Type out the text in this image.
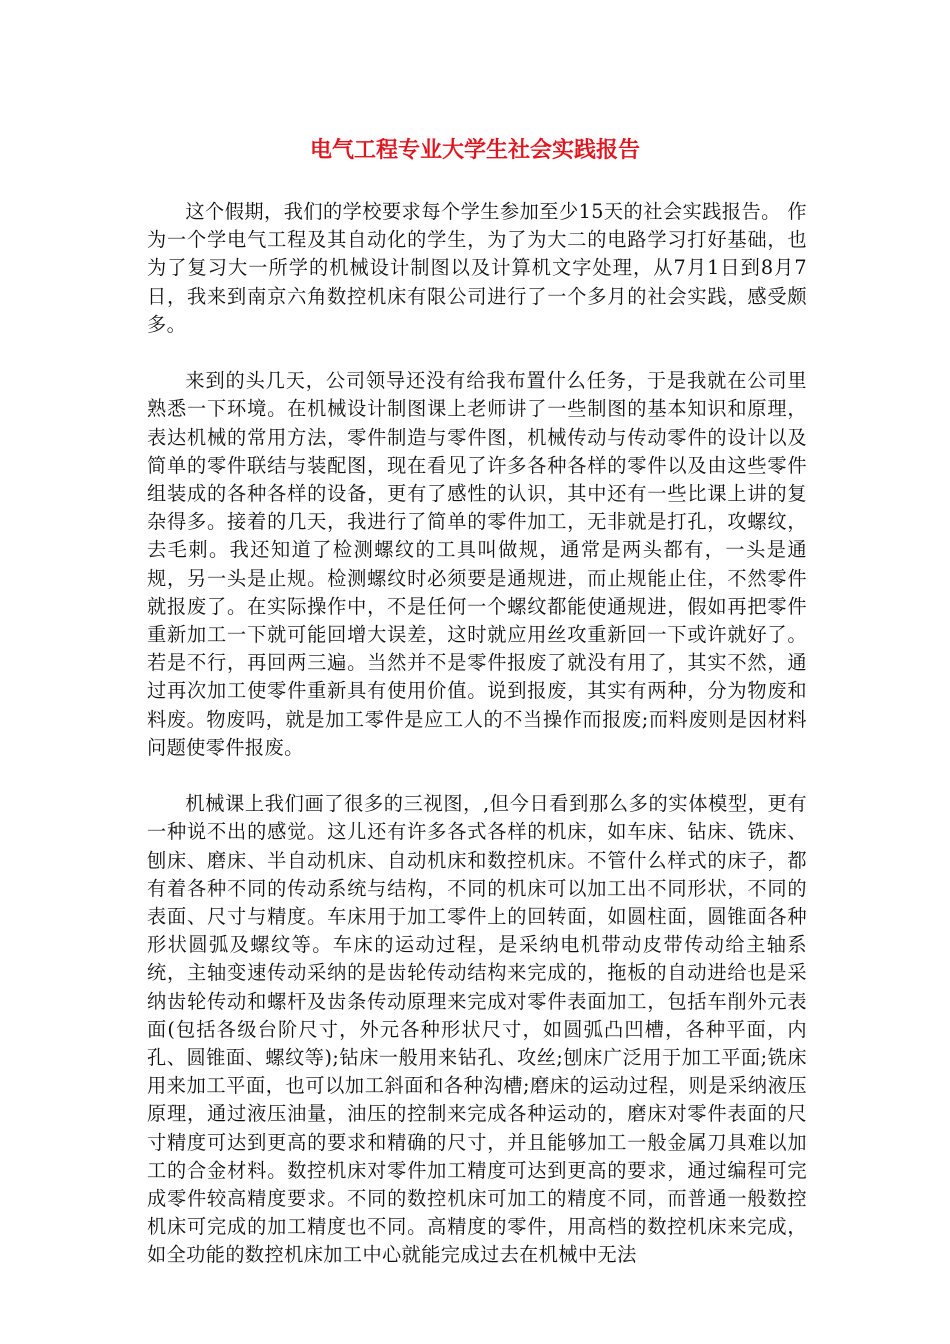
电气工程专业大学生社会实践报告

这个假期，我们的学校要求每个学生参加至少15天的社会实践报告。 作为一个学电气工程及其自动化的学生，为了为大二的电路学习打好基础，也为了复习大一所学的机械设计制图以及计算机文字处理，从7月1日到8月7日，我来到南京六角数控机床有限公司进行了一个多月的社会实践，感受颇多。

来到的头几天，公司领导还没有给我布置什么任务，于是我就在公司里熟悉一下环境。在机械设计制图课上老师讲了一些制图的基本知识和原理，表达机械的常用方法，零件制造与零件图，机械传动与传动零件的设计以及简单的零件联结与装配图，现在看见了许多各种各样的零件以及由这些零件组装成的各种各样的设备，更有了感性的认识，其中还有一些比课上讲的复杂得多。接着的几天，我进行了简单的零件加工，无非就是打孔，攻螺纹，去毛刺。我还知道了检测螺纹的工具叫做规，通常是两头都有，一头是通规，另一头是止规。检测螺纹时必须要是通规进，而止规能止住，不然零件就报废了。在实际操作中，不是任何一个螺纹都能使通规进，假如再把零件重新加工一下就可能回增大误差，这时就应用丝攻重新回一下或许就好了。若是不行，再回两三遍。当然并不是零件报废了就没有用了，其实不然，通过再次加工使零件重新具有使用价值。说到报废，其实有两种，分为物废和料废。物废吗，就是加工零件是应工人的不当操作而报废;而料废则是因材料问题使零件报废。

机械课上我们画了很多的三视图，,但今日看到那么多的实体模型，更有一种说不出的感觉。这儿还有许多各式各样的机床，如车床、钻床、铣床、刨床、磨床、半自动机床、自动机床和数控机床。不管什么样式的床子，都有着各种不同的传动系统与结构，不同的机床可以加工出不同形状，不同的表面、尺寸与精度。车床用于加工零件上的回转面，如圆柱面，圆锥面各种形状圆弧及螺纹等。车床的运动过程，是采纳电机带动皮带传动给主轴系统，主轴变速传动采纳的是齿轮传动结构来完成的，拖板的自动进给也是采纳齿轮传动和螺杆及齿条传动原理来完成对零件表面加工，包括车削外元表面(包括各级台阶尺寸，外元各种形状尺寸，如圆弧凸凹槽，各种平面，内孔、圆锥面、螺纹等);钻床一般用来钻孔、攻丝;刨床广泛用于加工平面;铣床用来加工平面，也可以加工斜面和各种沟槽;磨床的运动过程，则是采纳液压原理，通过液压油量，油压的控制来完成各种运动的，磨床对零件表面的尺寸精度可达到更高的要求和精确的尺寸，并且能够加工一般金属刀具难以加工的合金材料。数控机床对零件加工精度可达到更高的要求，通过编程可完成零件较高精度要求。不同的数控机床可加工的精度不同，而普通一般数控机床可完成的加工精度也不同。高精度的零件，用高档的数控机床来完成，如全功能的数控机床加工中心就能完成过去在机械中无法
